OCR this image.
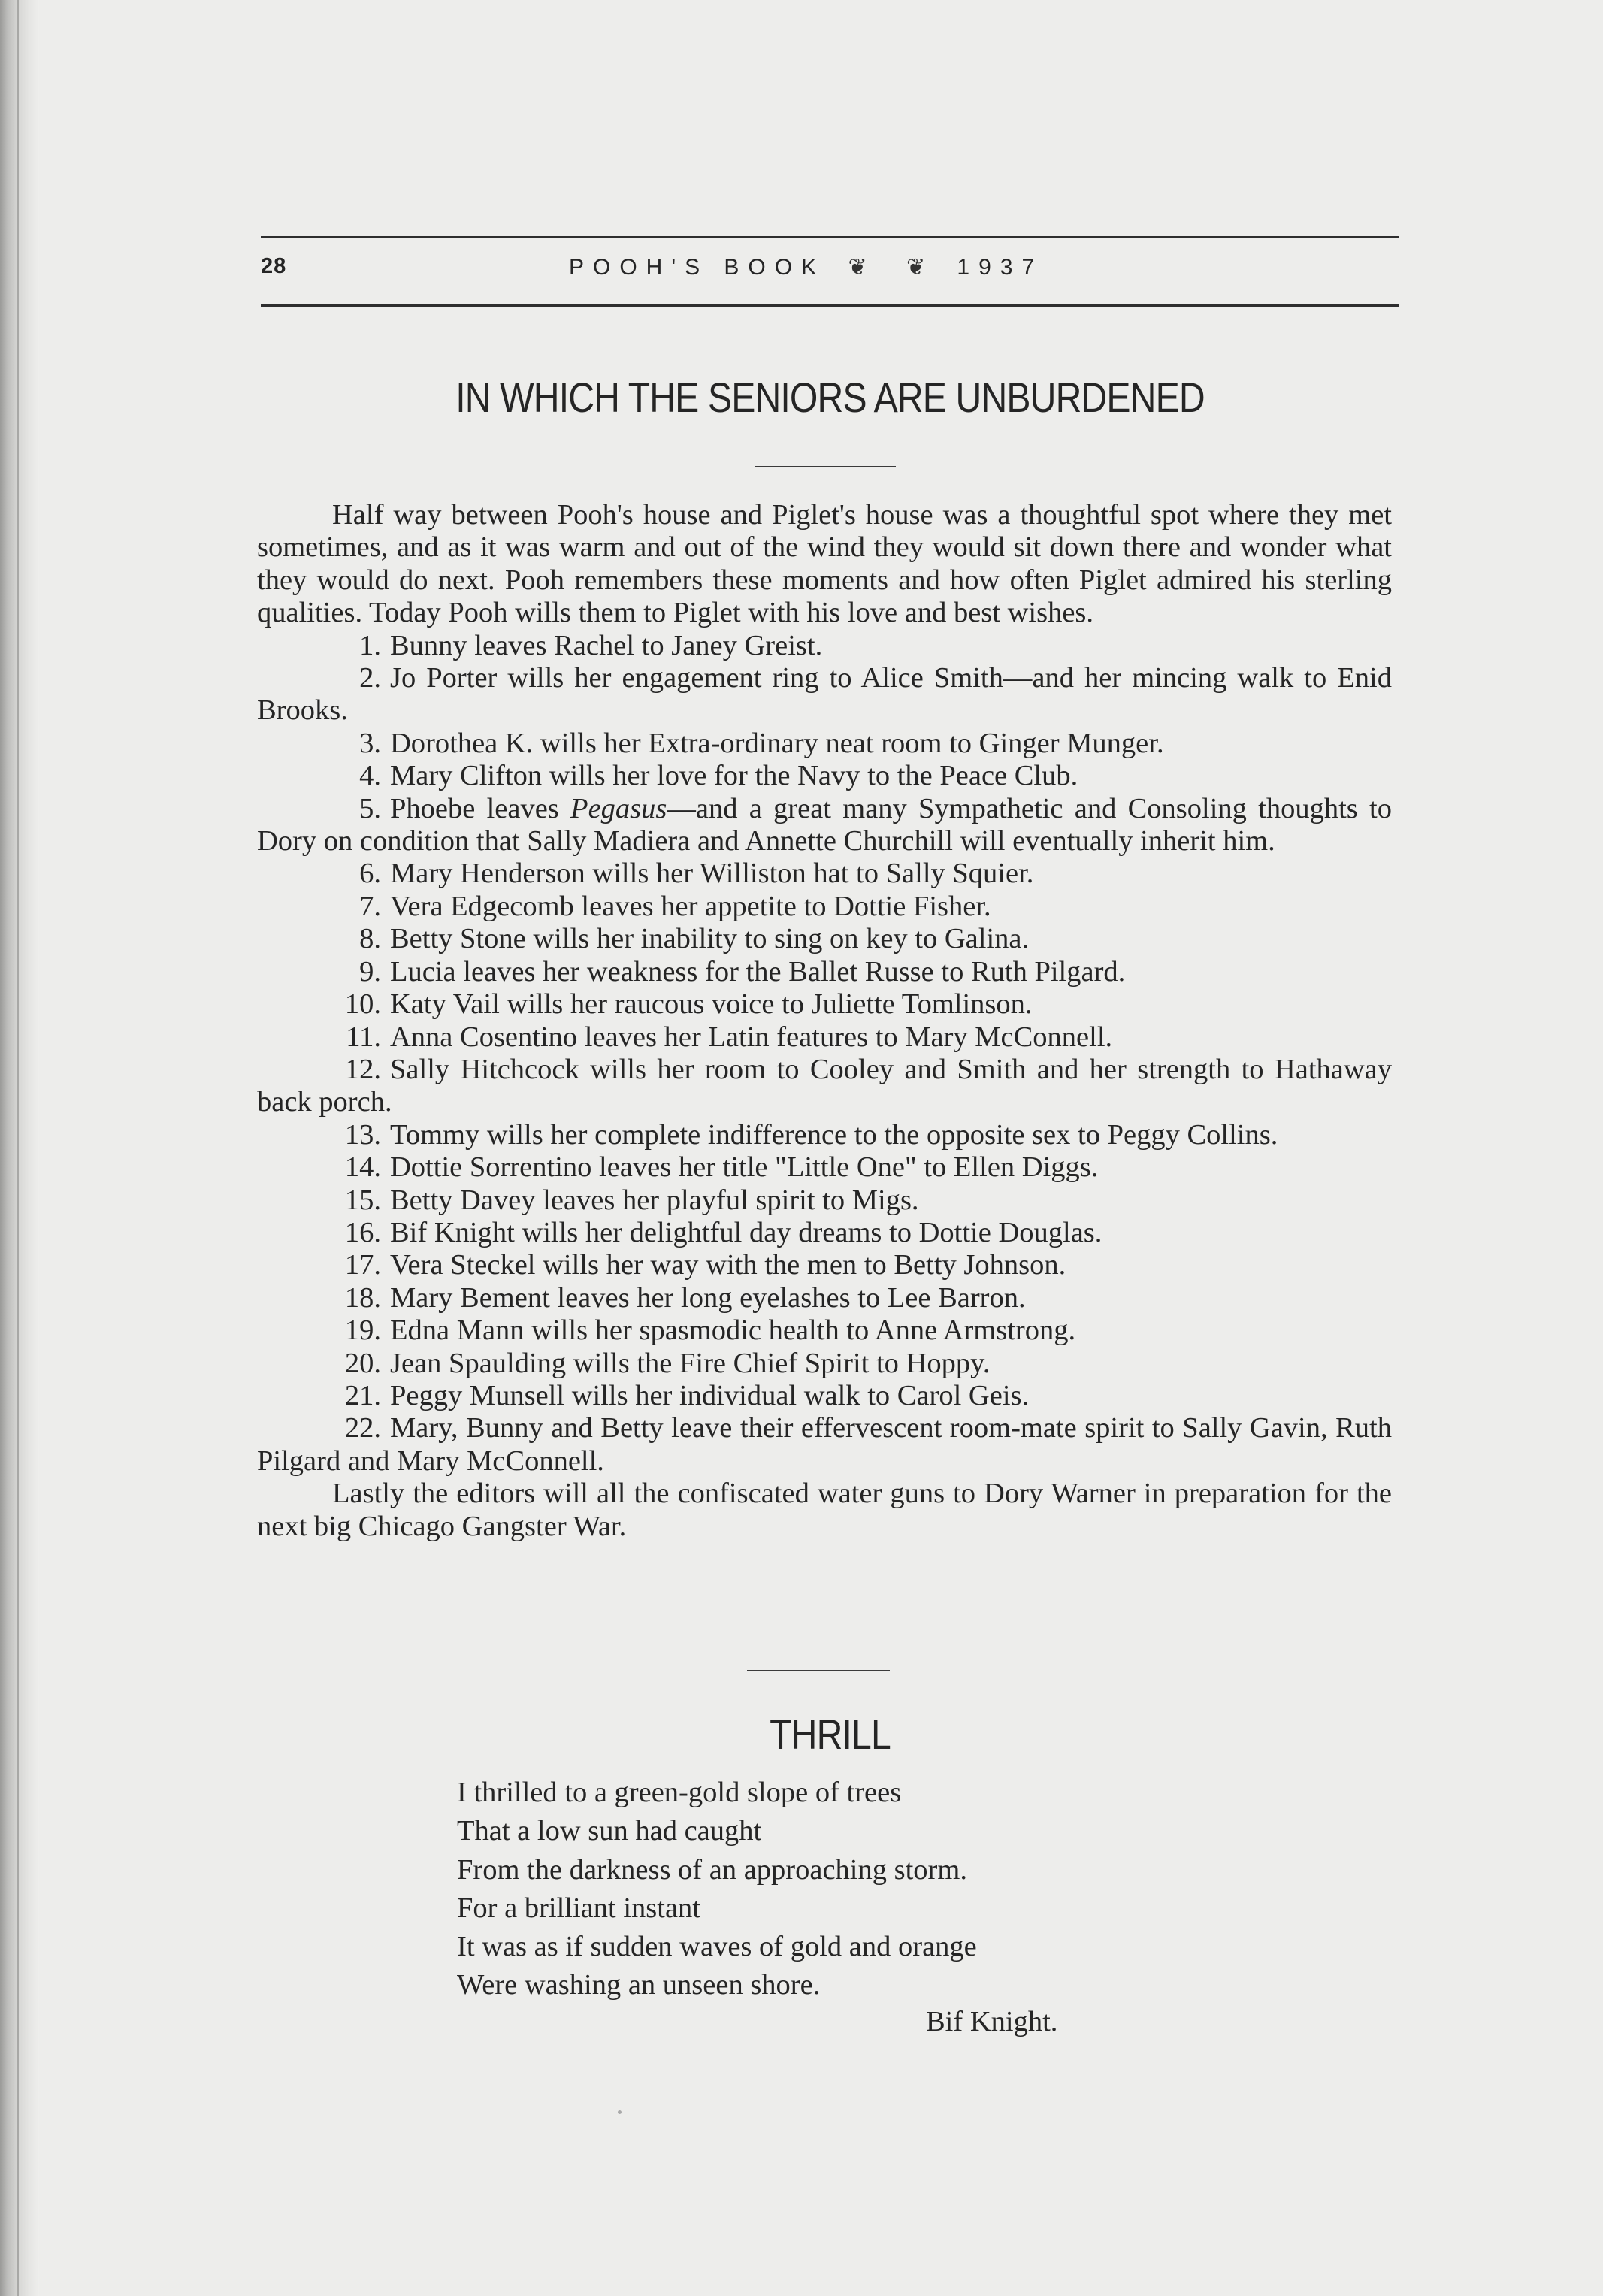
28	POOH'S BOOK ❦ ❦ 1937
IN WHICH THE SENIORS ARE UNBURDENED

Half way between Pooh's house and Piglet's house was a thoughtful spot where they met sometimes, and as it was warm and out of the wind they would sit down there and wonder what they would do next. Pooh remembers these moments and how often Piglet admired his sterling qualities. Today Pooh wills them to Piglet with his love and best wishes.

1. Bunny leaves Rachel to Janey Greist.

2. Jo Porter wills her engagement ring to Alice Smith—and her mincing walk to Enid Brooks.

3. Dorothea K. wills her Extra-ordinary neat room to Ginger Munger.

4. Mary Clifton wills her love for the Navy to the Peace Club.

5. Phoebe leaves Pegasus—and a great many Sympathetic and Consoling thoughts to Dory on condition that Sally Madiera and Annette Churchill will eventually inherit him.

6. Mary Henderson wills her Williston hat to Sally Squier.

7. Vera Edgecomb leaves her appetite to Dottie Fisher.

8. Betty Stone wills her inability to sing on key to Galina.

9. Lucia leaves her weakness for the Ballet Russe to Ruth Pilgard.

10. Katy Vail wills her raucous voice to Juliette Tomlinson.

11. Anna Cosentino leaves her Latin features to Mary McConnell.

12. Sally Hitchcock wills her room to Cooley and Smith and her strength to Hathaway back porch.

13. Tommy wills her complete indifference to the opposite sex to Peggy Collins.

14. Dottie Sorrentino leaves her title "Little One" to Ellen Diggs.

15. Betty Davey leaves her playful spirit to Migs.

16. Bif Knight wills her delightful day dreams to Dottie Douglas.

17. Vera Steckel wills her way with the men to Betty Johnson.

18. Mary Bement leaves her long eyelashes to Lee Barron.

19. Edna Mann wills her spasmodic health to Anne Armstrong.

20. Jean Spaulding wills the Fire Chief Spirit to Hoppy.

21. Peggy Munsell wills her individual walk to Carol Geis.

22. Mary, Bunny and Betty leave their effervescent room-mate spirit to Sally Gavin, Ruth Pilgard and Mary McConnell.

Lastly the editors will all the confiscated water guns to Dory Warner in preparation for the next big Chicago Gangster War.

THRILL
I thrilled to a green-gold slope of trees
That a low sun had caught
From the darkness of an approaching storm.
For a brilliant instant
It was as if sudden waves of gold and orange
Were washing an unseen shore.
Bif Knight.
